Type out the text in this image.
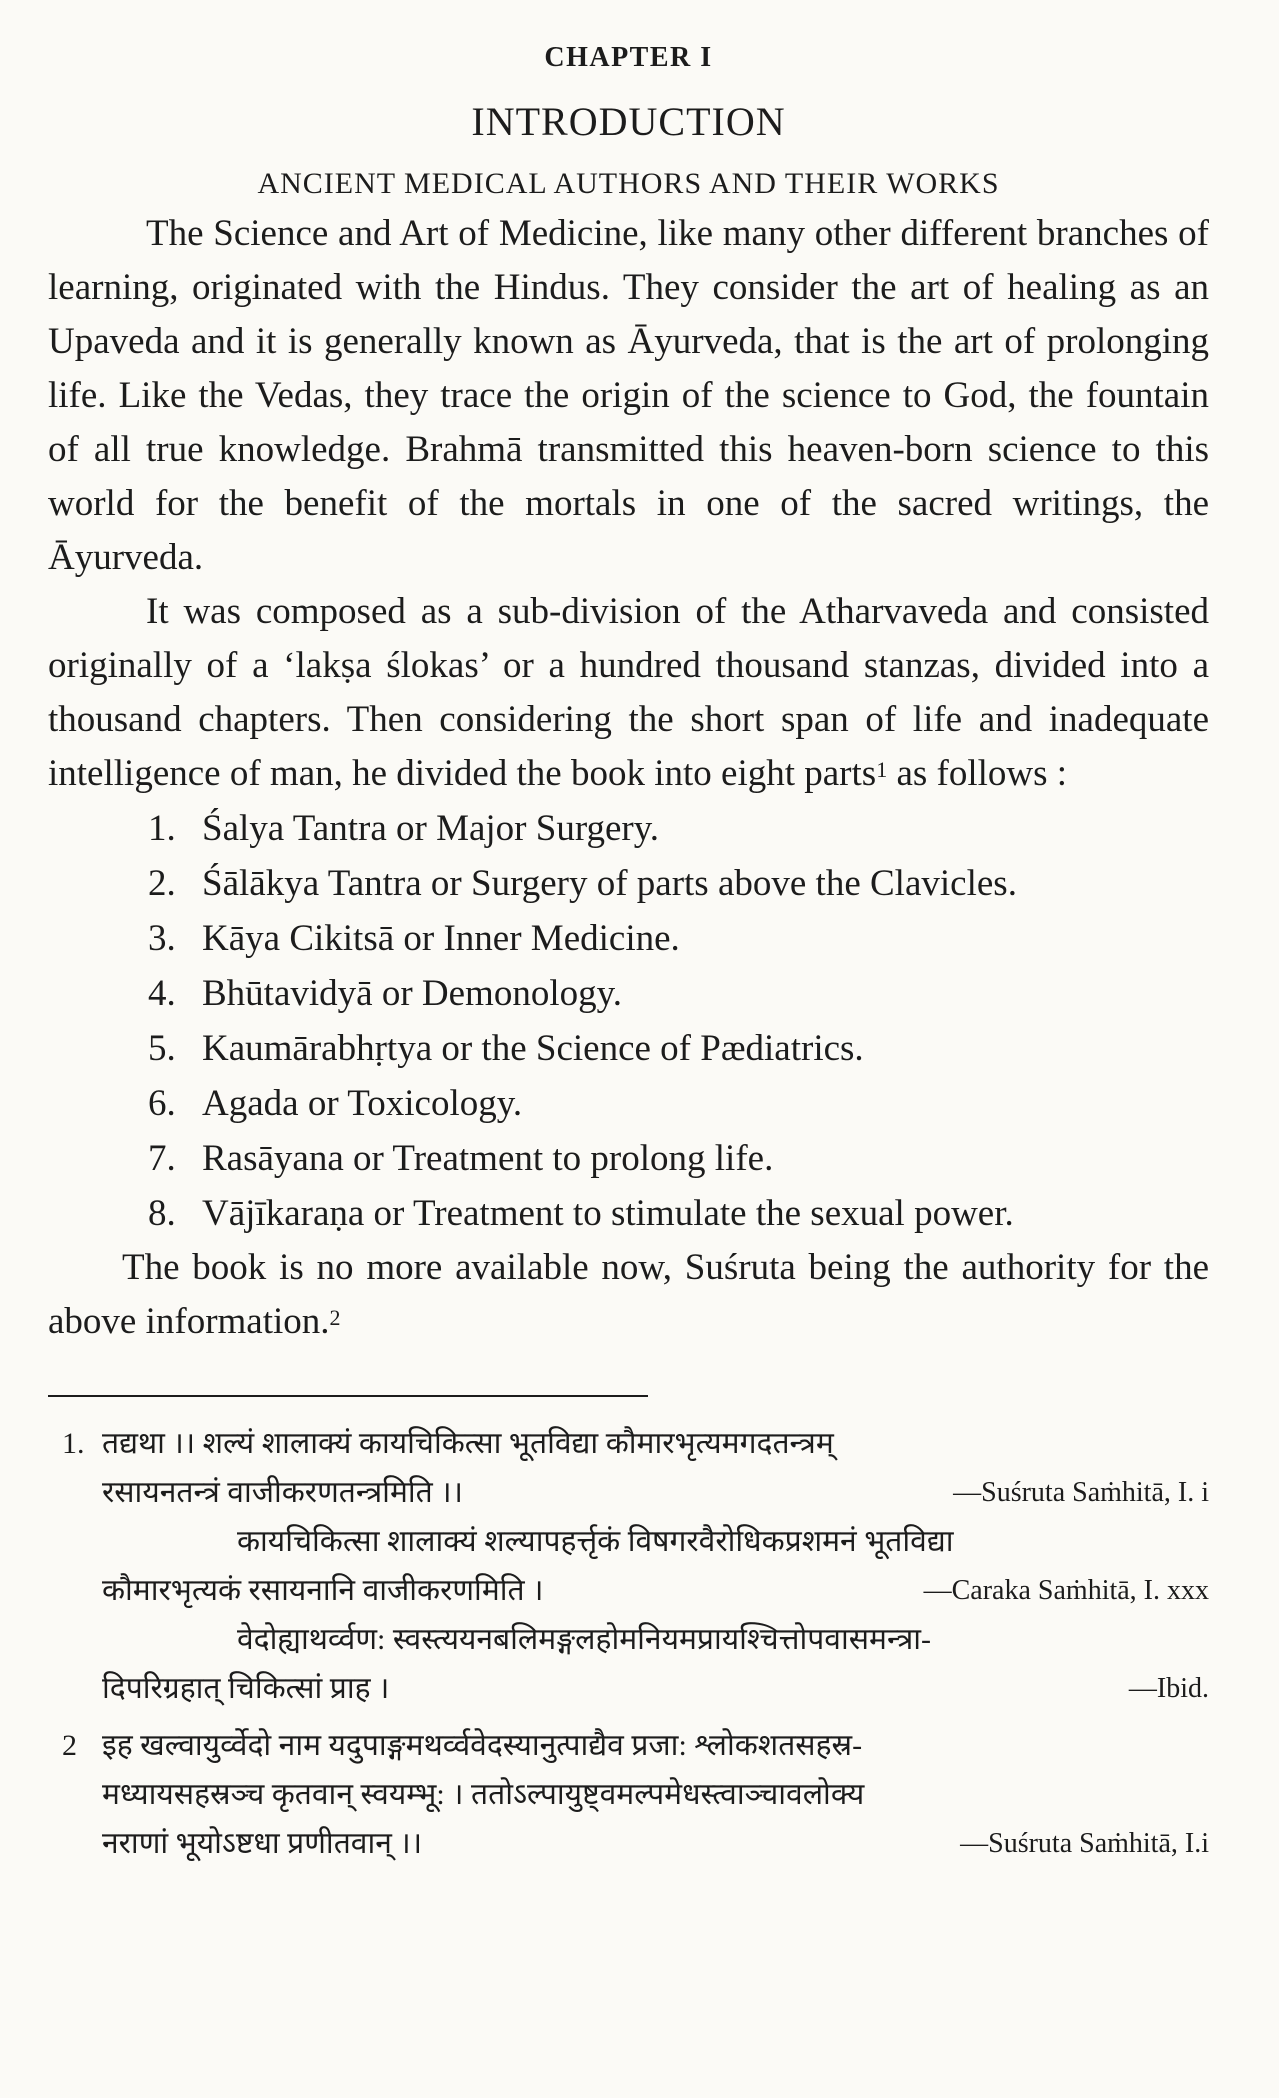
CHAPTER I
INTRODUCTION
ANCIENT MEDICAL AUTHORS AND THEIR WORKS

The Science and Art of Medicine, like many other different branches of learning, originated with the Hindus. They consider the art of healing as an Upaveda and it is generally known as Āyurveda, that is the art of prolonging life. Like the Vedas, they trace the origin of the science to God, the fountain of all true knowledge. Brahmā transmitted this heaven-born science to this world for the benefit of the mortals in one of the sacred writings, the Āyurveda.

It was composed as a sub-division of the Atharvaveda and consisted originally of a ‘lakṣa ślokas’ or a hundred thousand stanzas, divided into a thousand chapters. Then considering the short span of life and inadequate intelligence of man, he divided the book into eight parts$^1$ as follows :

1. Śalya Tantra or Major Surgery.
2. Śālākya Tantra or Surgery of parts above the Clavicles.
3. Kāya Cikitsā or Inner Medicine.
4. Bhūtavidyā or Demonology.
5. Kaumārabhṛtya or the Science of Pædiatrics.
6. Agada or Toxicology.
7. Rasāyana or Treatment to prolong life.
8. Vājīkaraṇa or Treatment to stimulate the sexual power.

The book is no more available now, Suśruta being the authority for the above information.$^2$

1. तद्यथा ।। शल्यं शालाक्यं कायचिकित्सा भूतविद्या कौमारभृत्यमगदतन्त्रम्
रसायनतन्त्रं वाजीकरणतन्त्रमिति ।।	—Suśruta Saṁhitā, I. i
कायचिकित्सा शालाक्यं शल्यापहर्त्तृकं विषगरवैरोधिकप्रशमनं भूतविद्या
कौमारभृत्यकं रसायनानि वाजीकरणमिति ।	—Caraka Saṁhitā, I. xxx
वेदोह्याथर्व्वण: स्वस्त्ययनबलिमङ्गलहोमनियमप्रायश्चित्तोपवासमन्त्रा-
दिपरिग्रहात् चिकित्सां प्राह ।	—Ibid.
2 इह खल्वायुर्व्वेदो नाम यदुपाङ्गमथर्व्ववेदस्यानुत्पाद्यैव प्रजा: श्लोकशतसहस्र-
मध्यायसहस्रञ्च कृतवान् स्वयम्भू: । ततोऽल्पायुष्ट्वमल्पमेधस्त्वाञ्चावलोक्य
नराणां भूयोऽष्टधा प्रणीतवान् ।।	—Suśruta Saṁhitā, I.i
